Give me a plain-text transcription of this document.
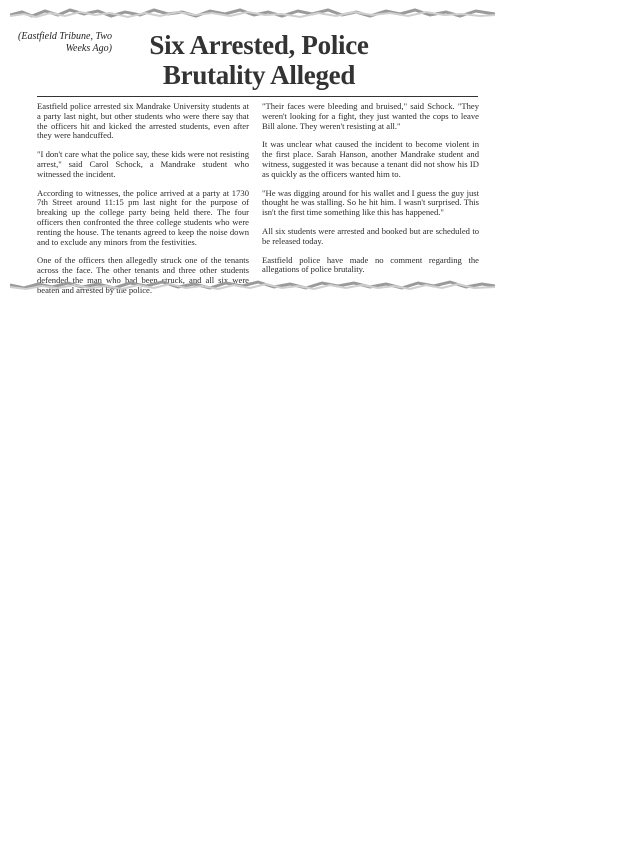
(Eastfield Tribune, Two Weeks Ago)	Six Arrested, Police Brutality Alleged

Eastfield police arrested six Mandrake University students at a party last night, but other students who were there say that the officers hit and kicked the arrested students, even after they were handcuffed.

"I don't care what the police say, these kids were not resisting arrest," said Carol Schock, a Mandrake student who witnessed the incident.

According to witnesses, the police arrived at a party at 1730 7th Street around 11:15 pm last night for the purpose of breaking up the college party being held there. The four officers then confronted the three college students who were renting the house. The tenants agreed to keep the noise down and to exclude any minors from the festivities.

One of the officers then allegedly struck one of the tenants across the face. The other tenants and three other students defended the man who had been struck, and all six were beaten and arrested by the police.

"Their faces were bleeding and bruised," said Schock. "They weren't looking for a fight, they just wanted the cops to leave Bill alone. They weren't resisting at all."

It was unclear what caused the incident to become violent in the first place. Sarah Hanson, another Mandrake student and witness, suggested it was because a tenant did not show his ID as quickly as the officers wanted him to.

"He was digging around for his wallet and I guess the guy just thought he was stalling. So he hit him. I wasn't surprised. This isn't the first time something like this has happened."

All six students were arrested and booked but are scheduled to be released today.

Eastfield police have made no comment regarding the allegations of police brutality.
